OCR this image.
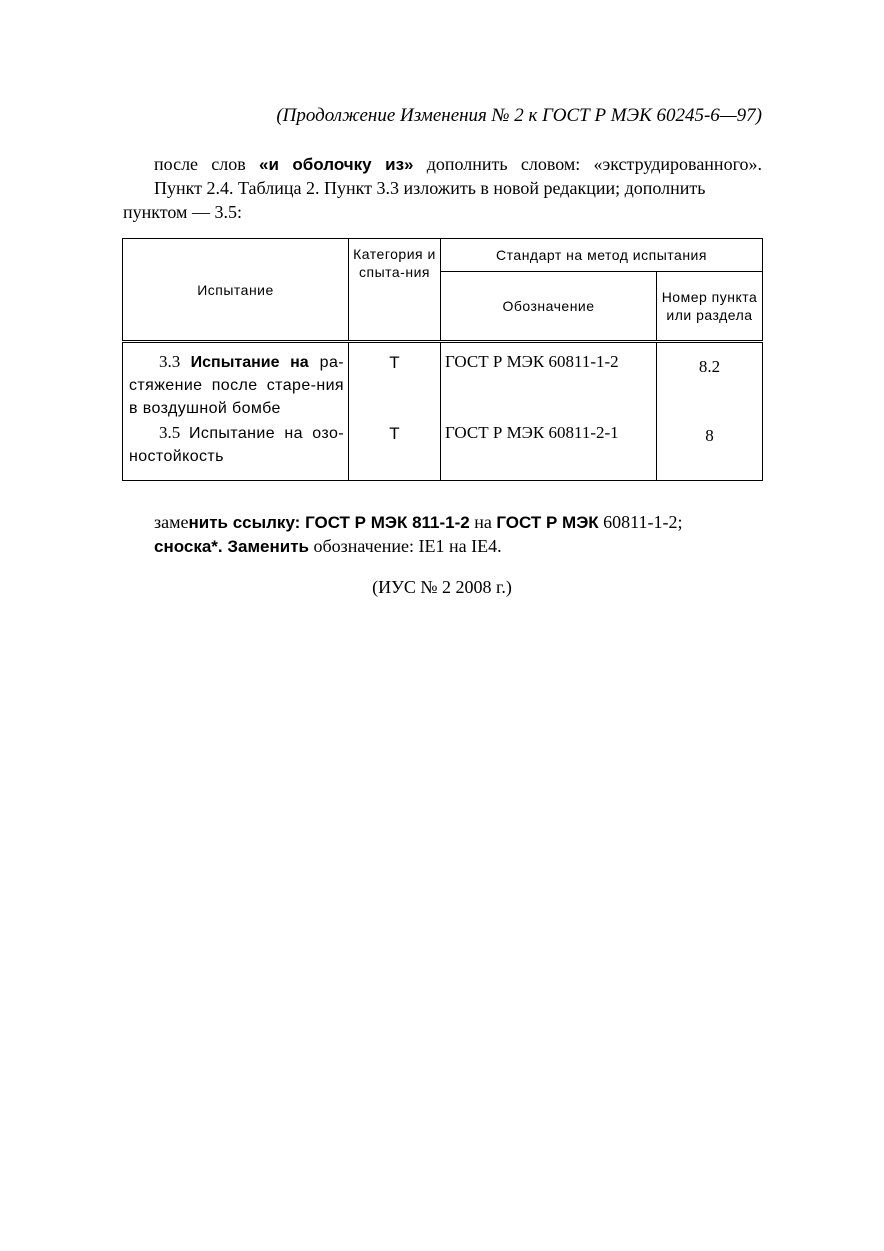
(Продолжение Изменения № 2 к ГОСТ Р МЭК 60245-6—97)
после слов «и оболочку из» дополнить словом: «экструдированного».
Пункт 2.4. Таблица 2. Пункт 3.3 изложить в новой редакции; дополнить пунктом — 3.5:
Испытание	Категория испыта-ния	Стандарт на метод испытания	
		Обозначение	Номер пункта или раздела

3.3 Испытание на ра-стяжение после старе-ния в воздушной бомбе	Т	ГОСТ Р МЭК 60811-1-2	8.2

3.5 Испытание на озо-ностойкость	Т	ГОСТ Р МЭК 60811-2-1	8
заменить ссылку: ГОСТ Р МЭК 811-1-2 на ГОСТ Р МЭК 60811-1-2;
сноска*. Заменить обозначение: IE1 на IE4.
(ИУС № 2 2008 г.)
